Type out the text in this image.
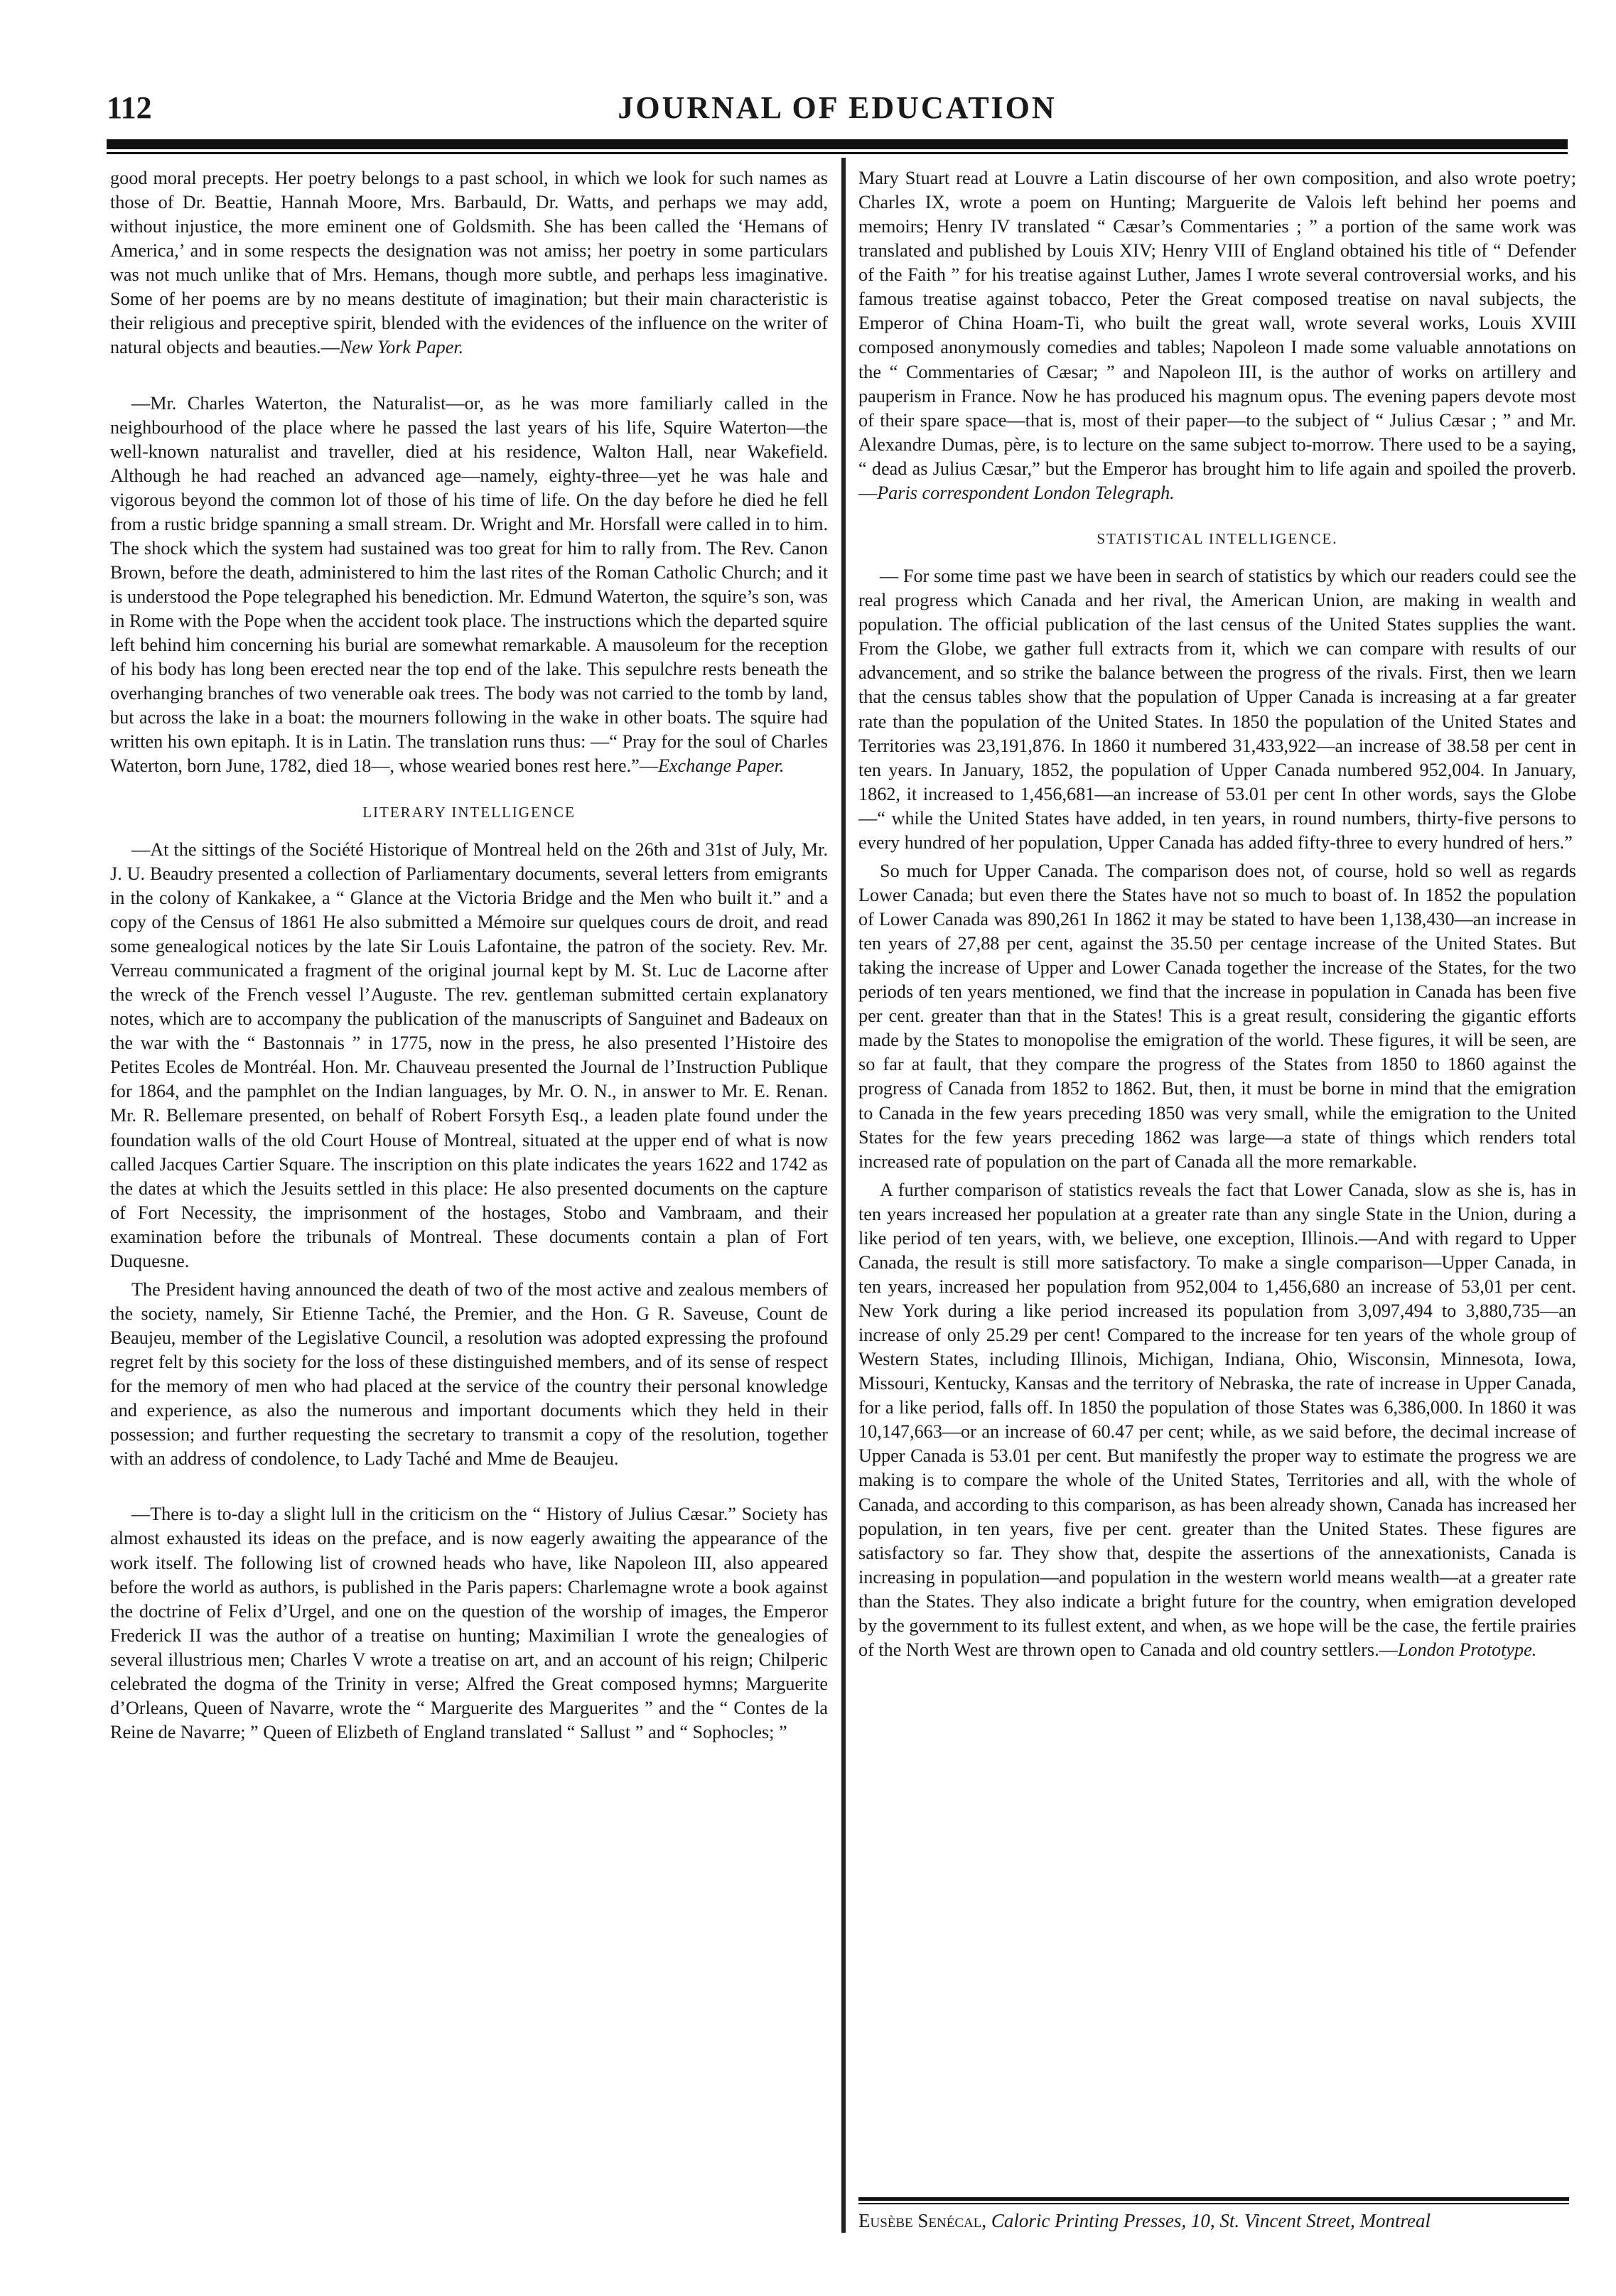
112	JOURNAL OF EDUCATION

good moral precepts. Her poetry belongs to a past school, in which we look for such names as those of Dr. Beattie, Hannah Moore, Mrs. Barbauld, Dr. Watts, and perhaps we may add, without injustice, the more eminent one of Goldsmith. She has been called the ‘Hemans of America,’ and in some respects the designation was not amiss; her poetry in some particulars was not much unlike that of Mrs. Hemans, though more subtle, and perhaps less imaginative. Some of her poems are by no means destitute of imagination; but their main characteristic is their religious and preceptive spirit, blended with the evidences of the influence on the writer of natural objects and beauties.—New York Paper.

—Mr. Charles Waterton, the Naturalist—or, as he was more familiarly called in the neighbourhood of the place where he passed the last years of his life, Squire Waterton—the well-known naturalist and traveller, died at his residence, Walton Hall, near Wakefield. Although he had reached an advanced age—namely, eighty-three—yet he was hale and vigorous beyond the common lot of those of his time of life. On the day before he died he fell from a rustic bridge spanning a small stream. Dr. Wright and Mr. Horsfall were called in to him. The shock which the system had sustained was too great for him to rally from. The Rev. Canon Brown, before the death, administered to him the last rites of the Roman Catholic Church; and it is understood the Pope telegraphed his benediction. Mr. Edmund Waterton, the squire’s son, was in Rome with the Pope when the accident took place. The instructions which the departed squire left behind him concerning his burial are somewhat remarkable. A mausoleum for the reception of his body has long been erected near the top end of the lake. This sepulchre rests beneath the overhanging branches of two venerable oak trees. The body was not carried to the tomb by land, but across the lake in a boat: the mourners following in the wake in other boats. The squire had written his own epitaph. It is in Latin. The translation runs thus: —“ Pray for the soul of Charles Waterton, born June, 1782, died 18—, whose wearied bones rest here.”—Exchange Paper.

LITERARY INTELLIGENCE

—At the sittings of the Société Historique of Montreal held on the 26th and 31st of July, Mr. J. U. Beaudry presented a collection of Parliamentary documents, several letters from emigrants in the colony of Kankakee, a “ Glance at the Victoria Bridge and the Men who built it.” and a copy of the Census of 1861 He also submitted a Mémoire sur quelques cours de droit, and read some genealogical notices by the late Sir Louis Lafontaine, the patron of the society. Rev. Mr. Verreau communicated a fragment of the original journal kept by M. St. Luc de Lacorne after the wreck of the French vessel l’Auguste. The rev. gentleman submitted certain explanatory notes, which are to accompany the publication of the manuscripts of Sanguinet and Badeaux on the war with the “ Bastonnais ” in 1775, now in the press, he also presented l’Histoire des Petites Ecoles de Montréal. Hon. Mr. Chauveau presented the Journal de l’Instruction Publique for 1864, and the pamphlet on the Indian languages, by Mr. O. N., in answer to Mr. E. Renan. Mr. R. Bellemare presented, on behalf of Robert Forsyth Esq., a leaden plate found under the foundation walls of the old Court House of Montreal, situated at the upper end of what is now called Jacques Cartier Square. The inscription on this plate indicates the years 1622 and 1742 as the dates at which the Jesuits settled in this place: He also presented documents on the capture of Fort Necessity, the imprisonment of the hostages, Stobo and Vambraam, and their examination before the tribunals of Montreal. These documents contain a plan of Fort Duquesne.

The President having announced the death of two of the most active and zealous members of the society, namely, Sir Etienne Taché, the Premier, and the Hon. G R. Saveuse, Count de Beaujeu, member of the Legislative Council, a resolution was adopted expressing the profound regret felt by this society for the loss of these distinguished members, and of its sense of respect for the memory of men who had placed at the service of the country their personal knowledge and experience, as also the numerous and important documents which they held in their possession; and further requesting the secretary to transmit a copy of the resolution, together with an address of condolence, to Lady Taché and Mme de Beaujeu.

—There is to-day a slight lull in the criticism on the “ History of Julius Cæsar.” Society has almost exhausted its ideas on the preface, and is now eagerly awaiting the appearance of the work itself. The following list of crowned heads who have, like Napoleon III, also appeared before the world as authors, is published in the Paris papers: Charlemagne wrote a book against the doctrine of Felix d’Urgel, and one on the question of the worship of images, the Emperor Frederick II was the author of a treatise on hunting; Maximilian I wrote the genealogies of several illustrious men; Charles V wrote a treatise on art, and an account of his reign; Chilperic celebrated the dogma of the Trinity in verse; Alfred the Great composed hymns; Marguerite d’Orleans, Queen of Navarre, wrote the “ Marguerite des Marguerites ” and the “ Contes de la Reine de Navarre; ” Queen of Elizbeth of England translated “ Sallust ” and “ Sophocles; ”

Mary Stuart read at Louvre a Latin discourse of her own composition, and also wrote poetry; Charles IX, wrote a poem on Hunting; Marguerite de Valois left behind her poems and memoirs; Henry IV translated “ Cæsar’s Commentaries ; ” a portion of the same work was translated and published by Louis XIV; Henry VIII of England obtained his title of “ Defender of the Faith ” for his treatise against Luther, James I wrote several controversial works, and his famous treatise against tobacco, Peter the Great composed treatise on naval subjects, the Emperor of China Hoam-Ti, who built the great wall, wrote several works, Louis XVIII composed anonymously comedies and tables; Napoleon I made some valuable annotations on the “ Commentaries of Cæsar; ” and Napoleon III, is the author of works on artillery and pauperism in France. Now he has produced his magnum opus. The evening papers devote most of their spare space—that is, most of their paper—to the subject of “ Julius Cæsar ; ” and Mr. Alexandre Dumas, père, is to lecture on the same subject to-morrow. There used to be a saying, “ dead as Julius Cæsar,” but the Emperor has brought him to life again and spoiled the proverb.—Paris correspondent London Telegraph.

STATISTICAL INTELLIGENCE.

— For some time past we have been in search of statistics by which our readers could see the real progress which Canada and her rival, the American Union, are making in wealth and population. The official publication of the last census of the United States supplies the want. From the Globe, we gather full extracts from it, which we can compare with results of our advancement, and so strike the balance between the progress of the rivals. First, then we learn that the census tables show that the population of Upper Canada is increasing at a far greater rate than the population of the United States. In 1850 the population of the United States and Territories was 23,191,876. In 1860 it numbered 31,433,922—an increase of 38.58 per cent in ten years. In January, 1852, the population of Upper Canada numbered 952,004. In January, 1862, it increased to 1,456,681—an increase of 53.01 per cent In other words, says the Globe—“ while the United States have added, in ten years, in round numbers, thirty-five persons to every hundred of her population, Upper Canada has added fifty-three to every hundred of hers.”

So much for Upper Canada. The comparison does not, of course, hold so well as regards Lower Canada; but even there the States have not so much to boast of. In 1852 the population of Lower Canada was 890,261 In 1862 it may be stated to have been 1,138,430—an increase in ten years of 27,88 per cent, against the 35.50 per centage increase of the United States. But taking the increase of Upper and Lower Canada together the increase of the States, for the two periods of ten years mentioned, we find that the increase in population in Canada has been five per cent. greater than that in the States! This is a great result, considering the gigantic efforts made by the States to monopolise the emigration of the world. These figures, it will be seen, are so far at fault, that they compare the progress of the States from 1850 to 1860 against the progress of Canada from 1852 to 1862. But, then, it must be borne in mind that the emigration to Canada in the few years preceding 1850 was very small, while the emigration to the United States for the few years preceding 1862 was large—a state of things which renders total increased rate of population on the part of Canada all the more remarkable.

A further comparison of statistics reveals the fact that Lower Canada, slow as she is, has in ten years increased her population at a greater rate than any single State in the Union, during a like period of ten years, with, we believe, one exception, Illinois.—And with regard to Upper Canada, the result is still more satisfactory. To make a single comparison—Upper Canada, in ten years, increased her population from 952,004 to 1,456,680 an increase of 53,01 per cent. New York during a like period increased its population from 3,097,494 to 3,880,735—an increase of only 25.29 per cent! Compared to the increase for ten years of the whole group of Western States, including Illinois, Michigan, Indiana, Ohio, Wisconsin, Minnesota, Iowa, Missouri, Kentucky, Kansas and the territory of Nebraska, the rate of increase in Upper Canada, for a like period, falls off. In 1850 the population of those States was 6,386,000. In 1860 it was 10,147,663—or an increase of 60.47 per cent; while, as we said before, the decimal increase of Upper Canada is 53.01 per cent. But manifestly the proper way to estimate the progress we are making is to compare the whole of the United States, Territories and all, with the whole of Canada, and according to this comparison, as has been already shown, Canada has increased her population, in ten years, five per cent. greater than the United States. These figures are satisfactory so far. They show that, despite the assertions of the annexationists, Canada is increasing in population—and population in the western world means wealth—at a greater rate than the States. They also indicate a bright future for the country, when emigration developed by the government to its fullest extent, and when, as we hope will be the case, the fertile prairies of the North West are thrown open to Canada and old country settlers.—London Prototype.

Eusèbe Senécal, Caloric Printing Presses, 10, St. Vincent Street, Montreal
